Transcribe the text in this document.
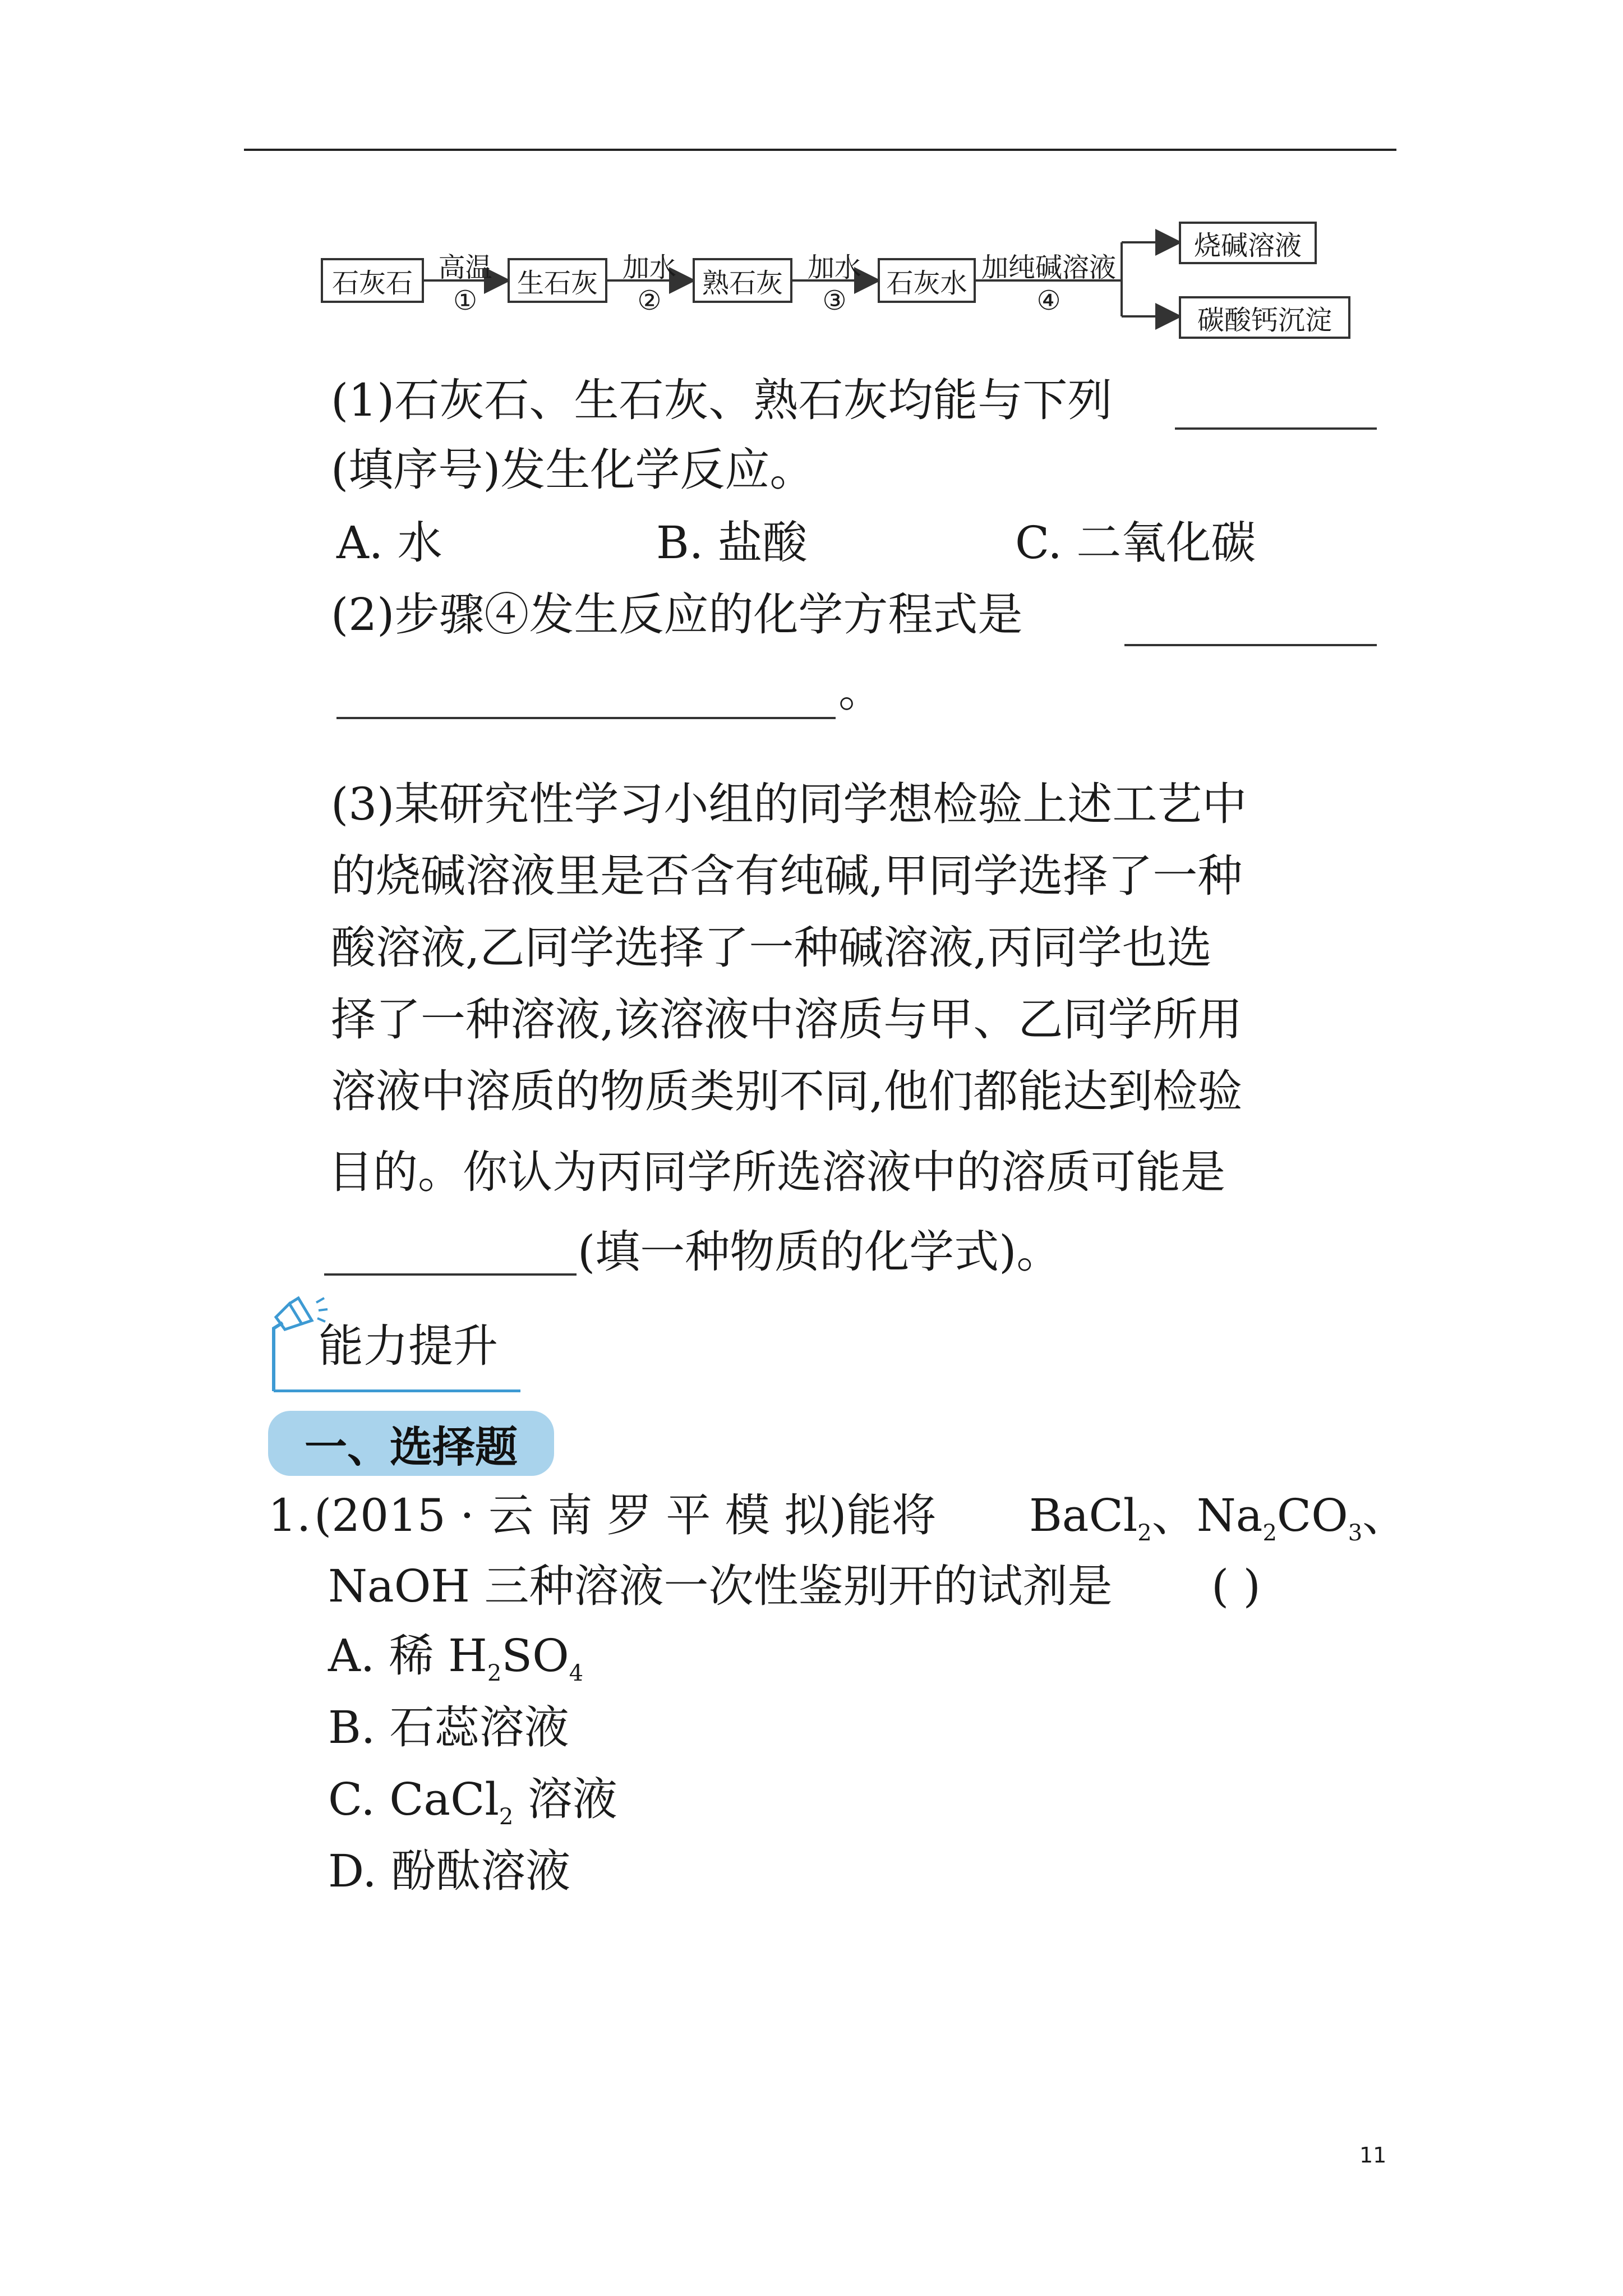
石灰石	生石灰	熟石灰	石灰水
烧碱溶液
碳酸钙沉淀
高温
①
加水
②
加水
③
加纯碱溶液
④
(1)石灰石、生石灰、熟石灰均能与下列
(填序号)发生化学反应。
A. 水	B. 盐酸	C. 二氧化碳
(2)步骤④发生反应的化学方程式是
。
(3)某研究性学习小组的同学想检验上述工艺中
的烧碱溶液里是否含有纯碱,甲同学选择了一种
酸溶液,乙同学选择了一种碱溶液,丙同学也选
择了一种溶液,该溶液中溶质与甲、乙同学所用
溶液中溶质的物质类别不同,他们都能达到检验
目的。你认为丙同学所选溶液中的溶质可能是
(填一种物质的化学式)。
能力提升
一、选择题
1. (2015 · 云 南 罗 平 模 拟)能将 BaCl$_2$、$Na_2CO_3$、
NaOH 三种溶液一次性鉴别开的试剂是 ( )
A. 稀 $H_2SO_4$
B. 石蕊溶液
C. CaCl$_2$ 溶液
D. 酚酞溶液
11
